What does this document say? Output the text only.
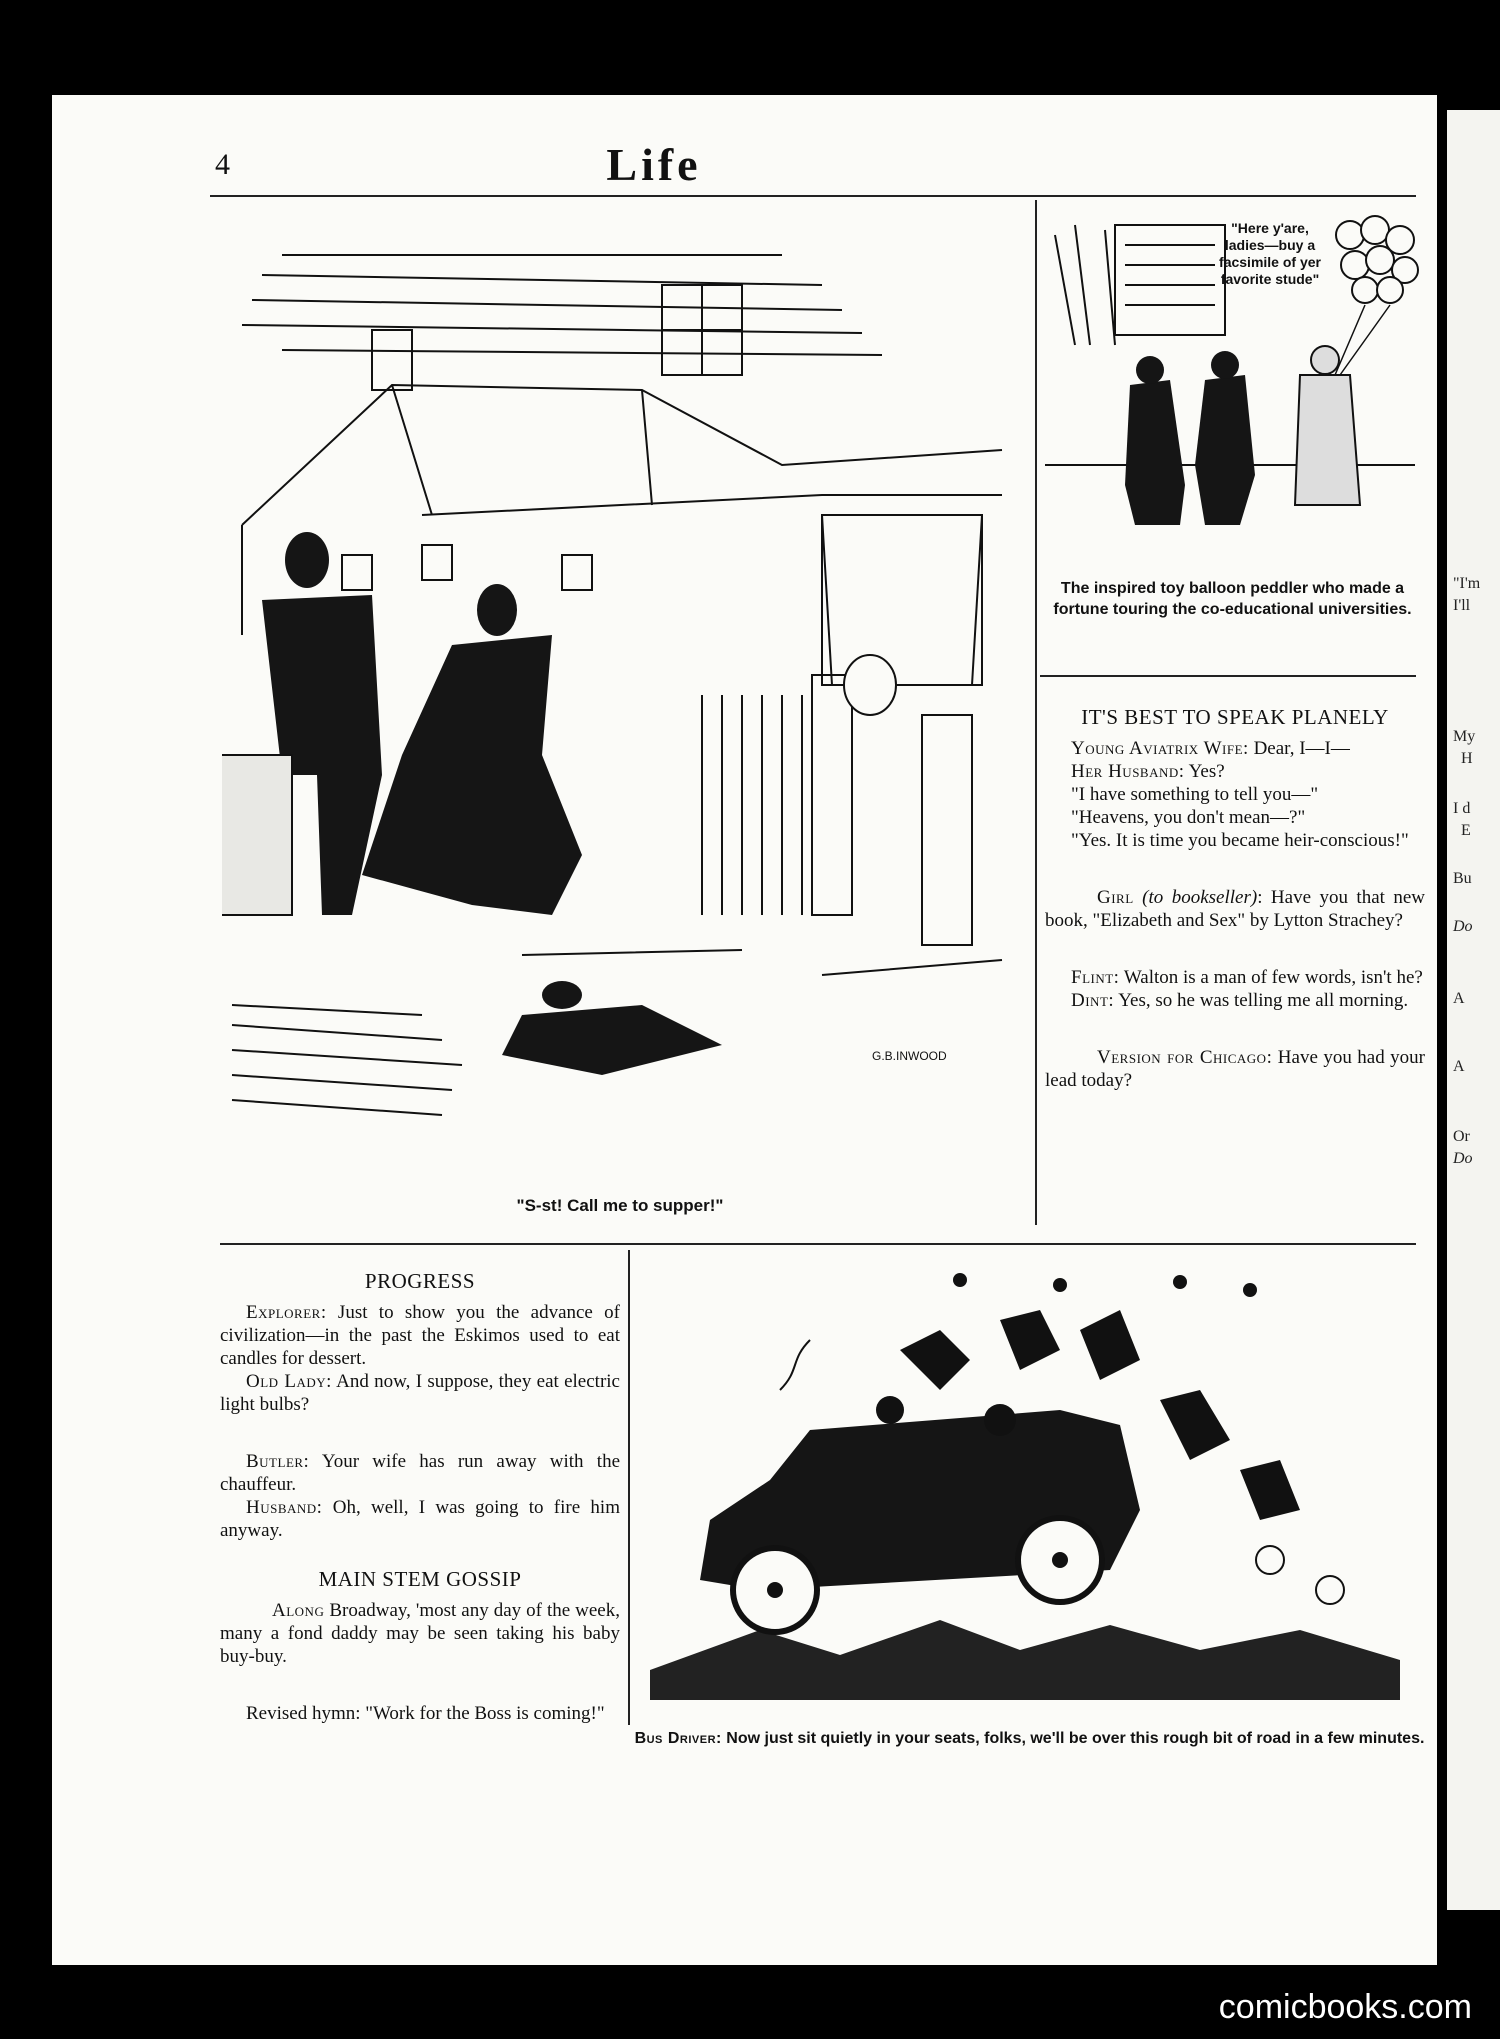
"I'm
I'll
My
H
I d
E
Bu
Do
A
A
Or
Do
4	Life
G.B.INWOOD
"S-st! Call me to supper!"
"Here y'are, ladies—buy a facsimile of yer favorite stude"
The inspired toy balloon peddler who made a fortune touring the co-educational universities.
IT'S BEST TO SPEAK PLANELY

Young Aviatrix Wife: Dear, I—I—

Her Husband: Yes?

"I have something to tell you—"

"Heavens, you don't mean—?"

"Yes. It is time you became heir-conscious!"

Girl (to bookseller): Have you that new book, "Elizabeth and Sex" by Lytton Strachey?

Flint: Walton is a man of few words, isn't he?

Dint: Yes, so he was telling me all morning.

Version for Chicago: Have you had your lead today?

PROGRESS

Explorer: Just to show you the advance of civilization—in the past the Eskimos used to eat candles for dessert.

Old Lady: And now, I suppose, they eat electric light bulbs?

Butler: Your wife has run away with the chauffeur.

Husband: Oh, well, I was going to fire him anyway.

MAIN STEM GOSSIP

Along Broadway, 'most any day of the week, many a fond daddy may be seen taking his baby buy-buy.

Revised hymn: "Work for the Boss is coming!"

Bus Driver: Now just sit quietly in your seats, folks, we'll be over this rough bit of road in a few minutes.
comicbooks.com
